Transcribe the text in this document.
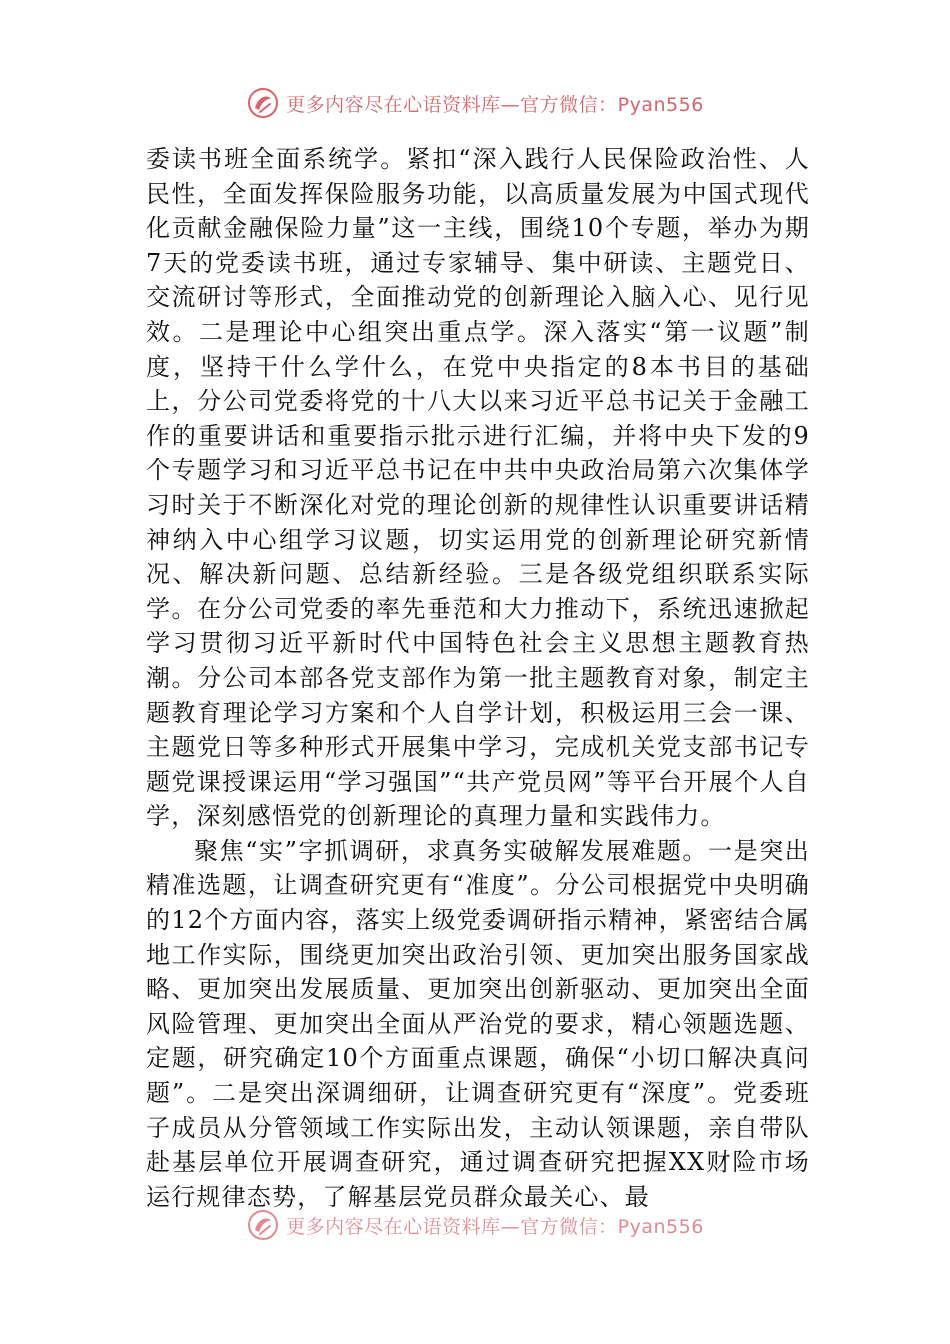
更多内容尽在心语资料库—官方微信：Pyan556

委读书班全面系统学。紧扣“深入践行人民保险政治性、人民性，全面发挥保险服务功能，以高质量发展为中国式现代化贡献金融保险力量”这一主线，围绕10个专题，举办为期7天的党委读书班，通过专家辅导、集中研读、主题党日、交流研讨等形式，全面推动党的创新理论入脑入心、见行见效。二是理论中心组突出重点学。深入落实“第一议题”制度，坚持干什么学什么，在党中央指定的8本书目的基础上，分公司党委将党的十八大以来习近平总书记关于金融工作的重要讲话和重要指示批示进行汇编，并将中央下发的9个专题学习和习近平总书记在中共中央政治局第六次集体学习时关于不断深化对党的理论创新的规律性认识重要讲话精神纳入中心组学习议题，切实运用党的创新理论研究新情况、解决新问题、总结新经验。三是各级党组织联系实际学。在分公司党委的率先垂范和大力推动下，系统迅速掀起学习贯彻习近平新时代中国特色社会主义思想主题教育热潮。分公司本部各党支部作为第一批主题教育对象，制定主题教育理论学习方案和个人自学计划，积极运用三会一课、主题党日等多种形式开展集中学习，完成机关党支部书记专题党课授课运用“学习强国”“共产党员网”等平台开展个人自学，深刻感悟党的创新理论的真理力量和实践伟力。

聚焦“实”字抓调研，求真务实破解发展难题。一是突出精准选题，让调查研究更有“准度”。分公司根据党中央明确的12个方面内容，落实上级党委调研指示精神，紧密结合属地工作实际，围绕更加突出政治引领、更加突出服务国家战略、更加突出发展质量、更加突出创新驱动、更加突出全面风险管理、更加突出全面从严治党的要求，精心领题选题、定题，研究确定10个方面重点课题，确保“小切口解决真问题”。二是突出深调细研，让调查研究更有“深度”。党委班子成员从分管领域工作实际出发，主动认领课题，亲自带队赴基层单位开展调查研究，通过调查研究把握XX财险市场运行规律态势，了解基层党员群众最关心、最

更多内容尽在心语资料库—官方微信：Pyan556
